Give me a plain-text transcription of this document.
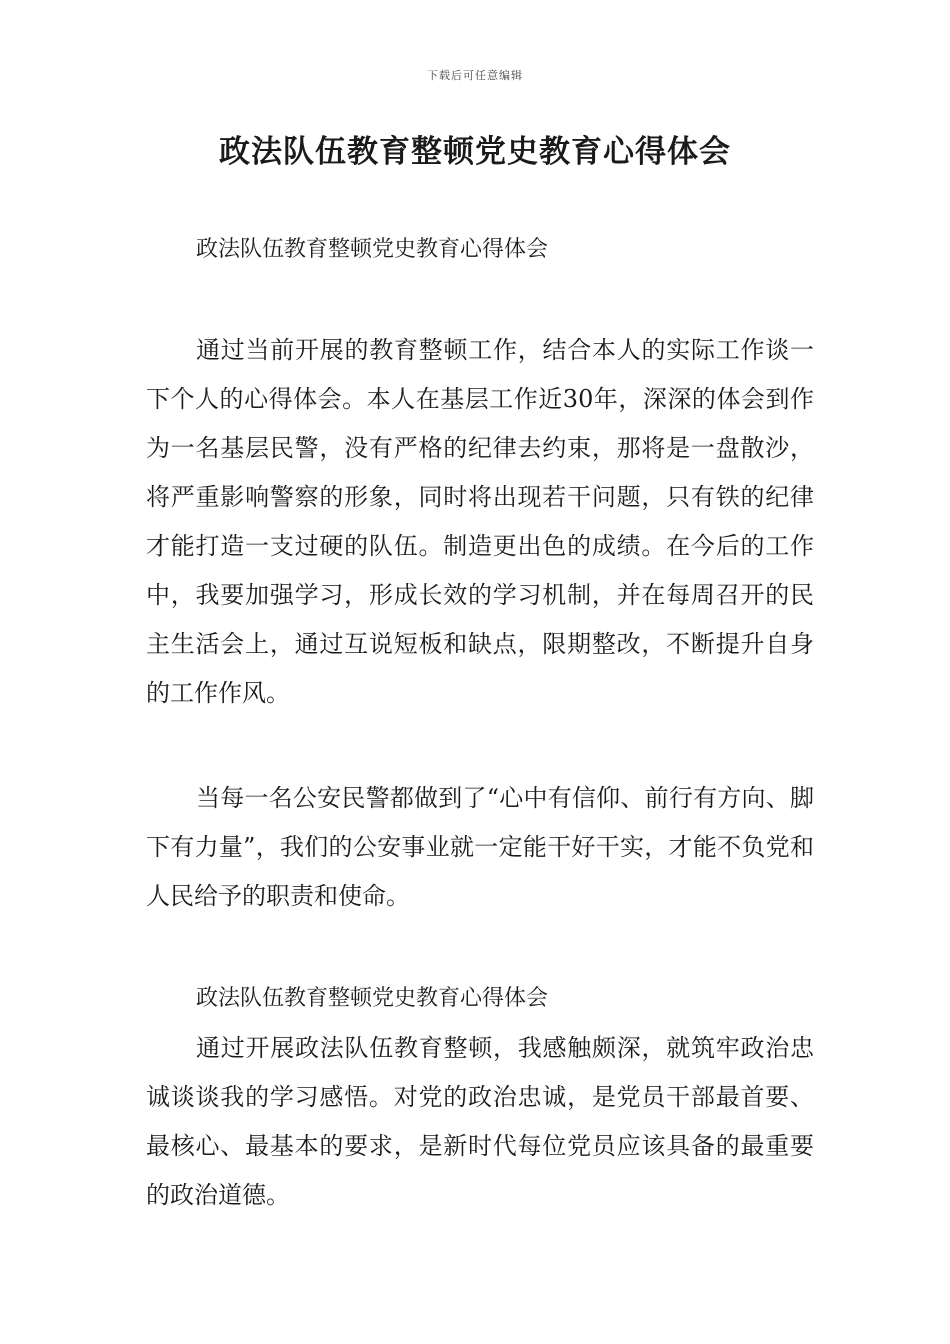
下载后可任意编辑
政法队伍教育整顿党史教育心得体会

政法队伍教育整顿党史教育心得体会

通过当前开展的教育整顿工作，结合本人的实际工作谈一下个人的心得体会。本人在基层工作近30年，深深的体会到作为一名基层民警，没有严格的纪律去约束，那将是一盘散沙，将严重影响警察的形象，同时将出现若干问题，只有铁的纪律才能打造一支过硬的队伍。制造更出色的成绩。在今后的工作中，我要加强学习，形成长效的学习机制，并在每周召开的民主生活会上，通过互说短板和缺点，限期整改，不断提升自身的工作作风。

当每一名公安民警都做到了“心中有信仰、前行有方向、脚下有力量”，我们的公安事业就一定能干好干实，才能不负党和人民给予的职责和使命。

政法队伍教育整顿党史教育心得体会

通过开展政法队伍教育整顿，我感触颇深，就筑牢政治忠诚谈谈我的学习感悟。对党的政治忠诚，是党员干部最首要、最核心、最基本的要求，是新时代每位党员应该具备的最重要的政治道德。
